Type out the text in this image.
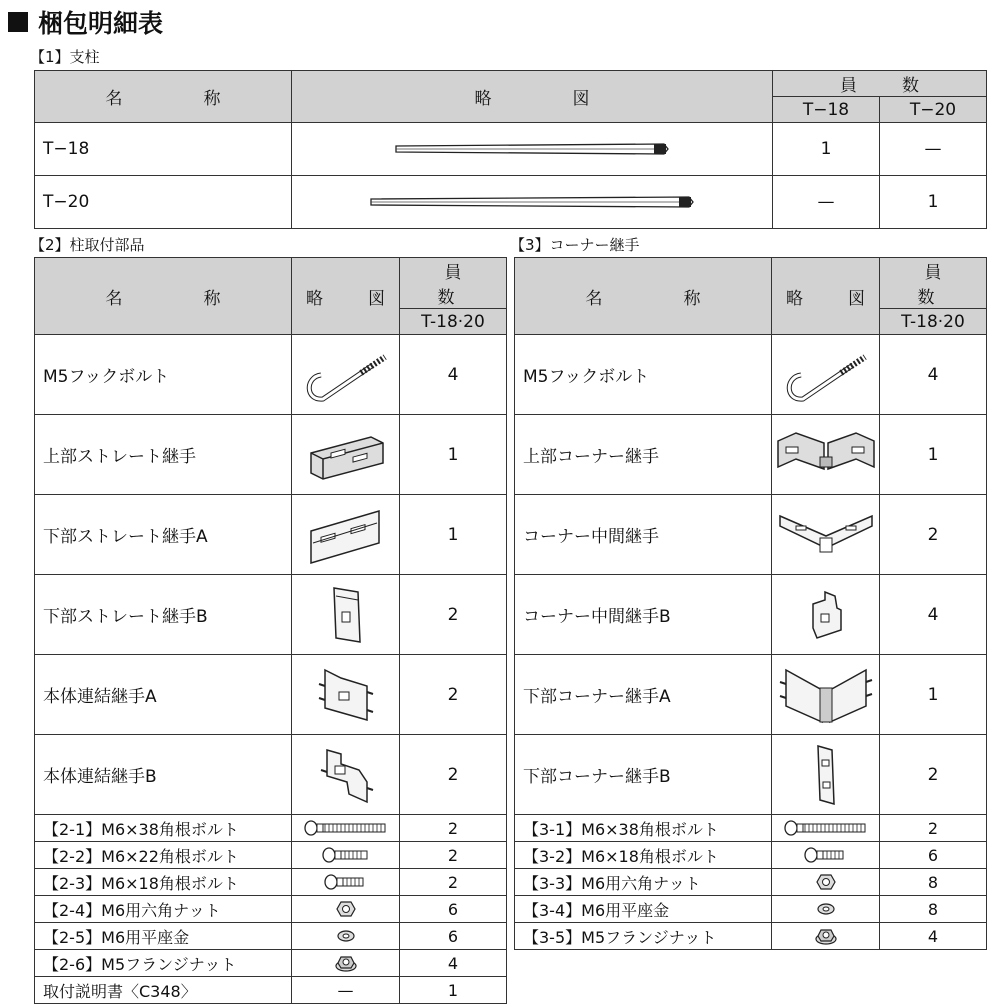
梱包明細表
【1】支柱
名　称	略　図	員　数	
		T−18	T−20
T−18		1	—
T−20		—	1
【2】柱取付部品
名　称	略　図	員　数
		T-18·20
M5フックボルト		4
上部ストレート継手		1
下部ストレート継手A		1
下部ストレート継手B		2
本体連結継手A		2
本体連結継手B		2
【2-1】M6×38角根ボルト		2
【2-2】M6×22角根ボルト		2
【2-3】M6×18角根ボルト		2
【2-4】M6用六角ナット		6
【2-5】M6用平座金		6
【2-6】M5フランジナット		4
取付説明書〈C348〉	—	1
【3】コーナー継手
名　称	略　図	員　数
		T-18·20
M5フックボルト		4
上部コーナー継手		1
コーナー中間継手		2
コーナー中間継手B		4
下部コーナー継手A		1
下部コーナー継手B		2
【3-1】M6×38角根ボルト		2
【3-2】M6×18角根ボルト		6
【3-3】M6用六角ナット		8
【3-4】M6用平座金		8
【3-5】M5フランジナット		4
